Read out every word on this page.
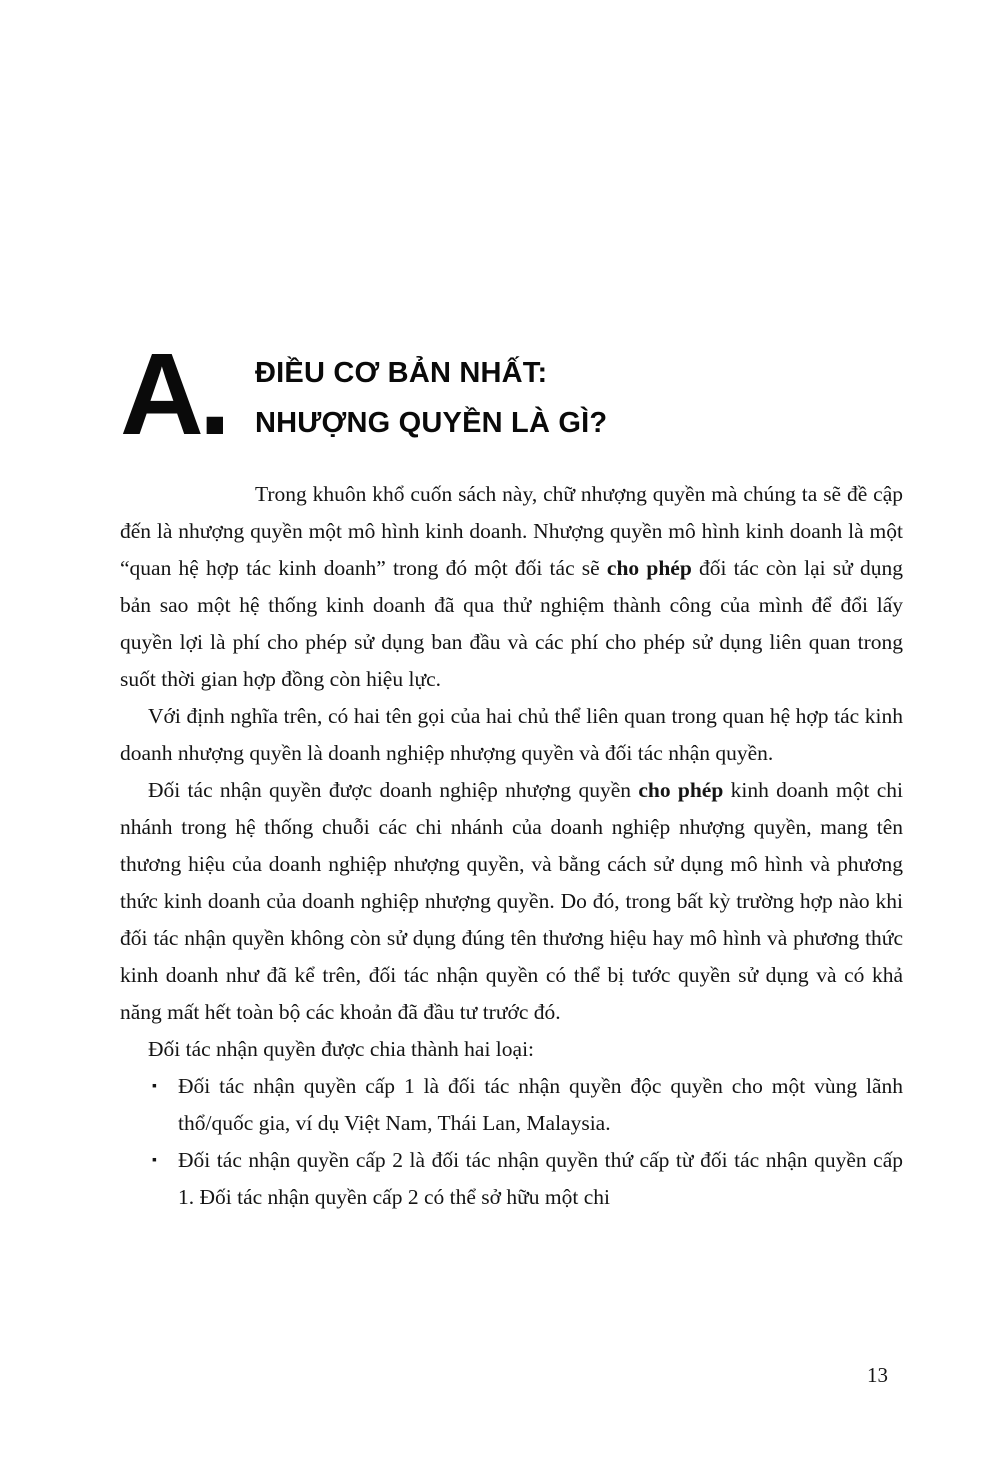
A.	ĐIỀU CƠ BẢN NHẤT:
NHƯỢNG QUYỀN LÀ GÌ?

Trong khuôn khổ cuốn sách này, chữ nhượng quyền mà chúng ta sẽ đề cập đến là nhượng quyền một mô hình kinh doanh. Nhượng quyền mô hình kinh doanh là một “quan hệ hợp tác kinh doanh” trong đó một đối tác sẽ cho phép đối tác còn lại sử dụng bản sao một hệ thống kinh doanh đã qua thử nghiệm thành công của mình để đổi lấy quyền lợi là phí cho phép sử dụng ban đầu và các phí cho phép sử dụng liên quan trong suốt thời gian hợp đồng còn hiệu lực.

Với định nghĩa trên, có hai tên gọi của hai chủ thể liên quan trong quan hệ hợp tác kinh doanh nhượng quyền là doanh nghiệp nhượng quyền và đối tác nhận quyền.

Đối tác nhận quyền được doanh nghiệp nhượng quyền cho phép kinh doanh một chi nhánh trong hệ thống chuỗi các chi nhánh của doanh nghiệp nhượng quyền, mang tên thương hiệu của doanh nghiệp nhượng quyền, và bằng cách sử dụng mô hình và phương thức kinh doanh của doanh nghiệp nhượng quyền. Do đó, trong bất kỳ trường hợp nào khi đối tác nhận quyền không còn sử dụng đúng tên thương hiệu hay mô hình và phương thức kinh doanh như đã kể trên, đối tác nhận quyền có thể bị tước quyền sử dụng và có khả năng mất hết toàn bộ các khoản đã đầu tư trước đó.

Đối tác nhận quyền được chia thành hai loại:

▪ Đối tác nhận quyền cấp 1 là đối tác nhận quyền độc quyền cho một vùng lãnh thổ/quốc gia, ví dụ Việt Nam, Thái Lan, Malaysia.
▪ Đối tác nhận quyền cấp 2 là đối tác nhận quyền thứ cấp từ đối tác nhận quyền cấp 1. Đối tác nhận quyền cấp 2 có thể sở hữu một chi
13
